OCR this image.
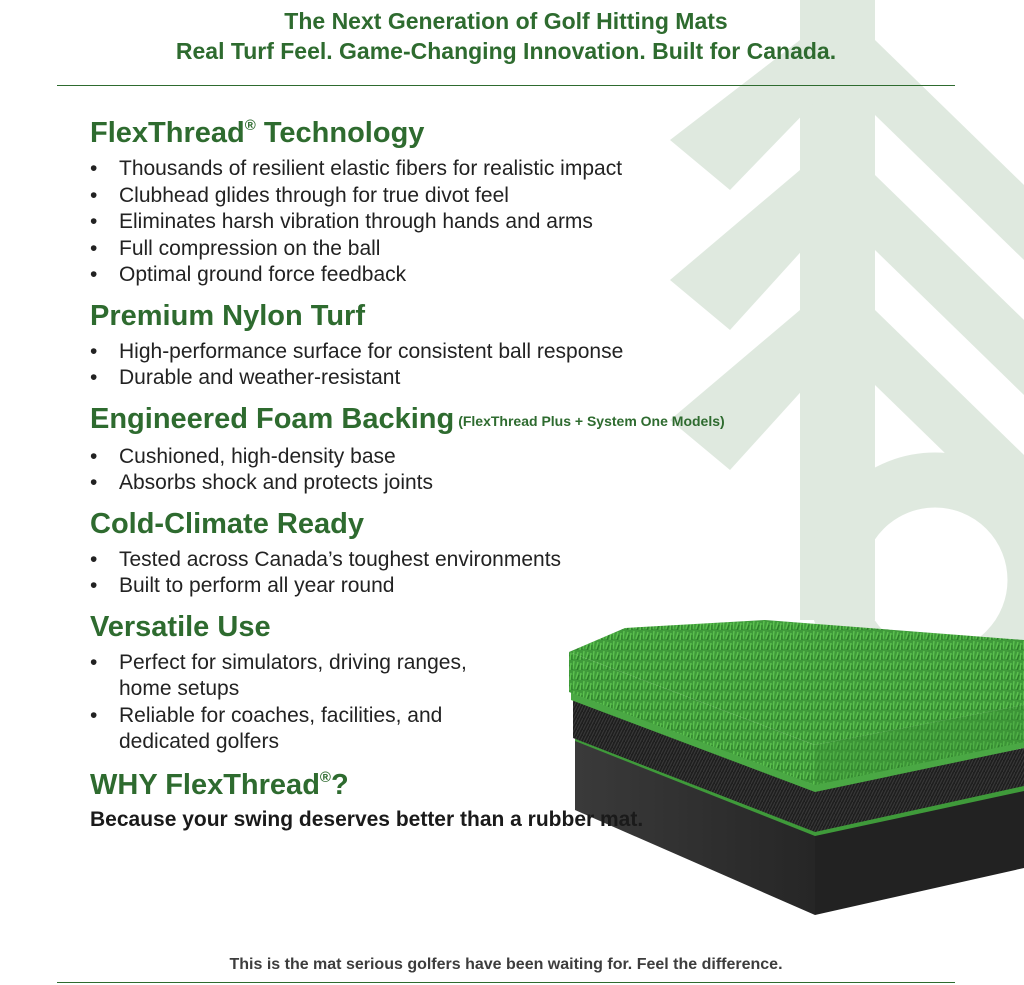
The Next Generation of Golf Hitting Mats
Real Turf Feel. Game-Changing Innovation. Built for Canada.
FlexThread® Technology
• Thousands of resilient elastic fibers for realistic impact
• Clubhead glides through for true divot feel
• Eliminates harsh vibration through hands and arms
• Full compression on the ball
• Optimal ground force feedback
Premium Nylon Turf
• High-performance surface for consistent ball response
• Durable and weather-resistant
Engineered Foam Backing (FlexThread Plus + System One Models)
• Cushioned, high-density base
• Absorbs shock and protects joints
Cold-Climate Ready
• Tested across Canada’s toughest environments
• Built to perform all year round
Versatile Use
• Perfect for simulators, driving ranges,
home setups
• Reliable for coaches, facilities, and
dedicated golfers
WHY FlexThread®?
Because your swing deserves better than a rubber mat.
This is the mat serious golfers have been waiting for. Feel the difference.
